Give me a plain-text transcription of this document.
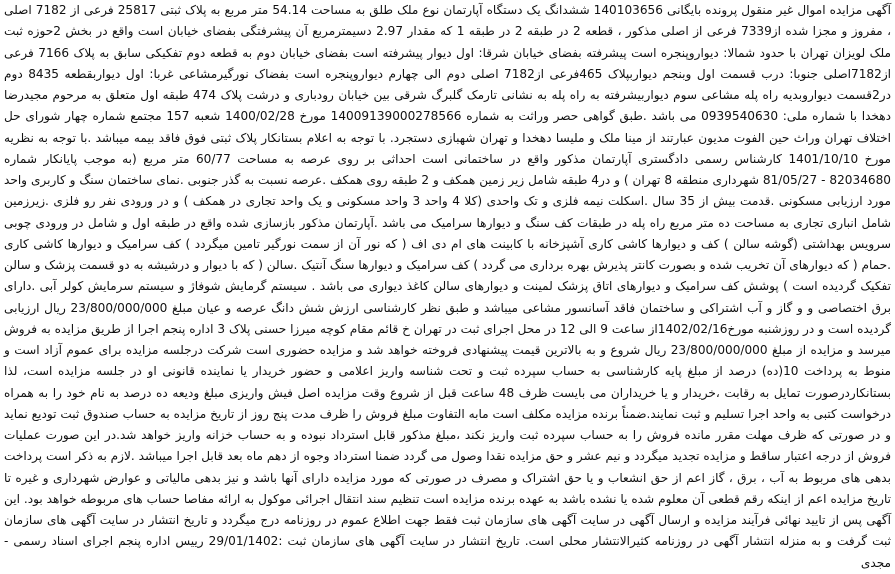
آگهی مزایده اموال غیر منقول پرونده بایگانی 140103656 ششدانگ یک دستگاه آپارتمان نوع ملک طلق به مساحت 54.14 متر مربع به پلاک ثبتی 25817 فرعی از 7182 اصلی ، مفروز و مجزا شده از7339 فرعی از اصلی مذکور ، قطعه 2 در طبقه 2 در طبقه 1 که مقدار 2.97 دسیمترمربع آن پیشرفتگی بفضای خیابان است واقع در بخش 2حوزه ثبت ملک لویزان تهران با حدود شمالا: دیواروپنجره است پیشرفته بفضای خیابان شرقا: اول دیوار پیشرفته است بفضای خیابان دوم به قطعه دوم تفکیکی سابق به پلاک 7166 فرعی از7182اصلی جنوبا: درب قسمت اول وبنجم دیواربپلاک 465فرعی از7182 اصلی دوم الی چهارم دیواروپنجره است بفضاک نورگیرمشاعی غربا: اول دیواربقطعه 8435 دوم در2قسمت دیواروبدیه راه پله مشاعی سوم دیواربیشرفته به راه پله به نشانی تارمک گلبرگ شرقی بین خیابان رودباری و درشت پلاک 474 طبقه اول متعلق به مرحوم مجیدرضا دهخدا با شماره ملی: 0939540630 می باشد .طبق گواهی حصر وراثت به شماره 14009139000278566 مورخ 1400/02/28 شعبه 157 مجتمع شماره چهار شورای حل اختلاف تهران وراث حین الفوت مدیون عبارتند از مینا ملک و ملیسا دهخدا و تهران شهبازی دستجرد. با توجه به اعلام بستانکار پلاک ثبتی فوق فاقد بیمه میباشد .با توجه به نظریه مورخ 1401/10/10 کارشناس رسمی دادگستری آپارتمان مذکور واقع در ساختمانی است احداثی بر روی عرصه به مساحت 60/77 متر مربع (به موجب پایانکار شماره 82034680 - 81/05/27 شهرداری منطقه 8 تهران ) و در4 طبقه شامل زیر زمین همکف و 2 طبقه روی همکف .عرصه نسبت به گذر جنوبی .نمای ساختمان سنگ و کاربری واحد مورد ارزیابی مسکونی .قدمت بیش از 35 سال .اسکلت نیمه فلزی و تک واحدی (کلا 4 واحد 3 واحد مسکونی و یک واحد تجاری در همکف ) و در ورودی نفر رو فلزی .زیرزمین شامل انباری تجاری به مساحت ده متر مربع راه پله در طبقات کف سنگ و دیوارها سرامیک می باشد .آپارتمان مذکور بازسازی شده واقع در طبقه اول و شامل در ورودی چوبی سرویس بهداشتی (گوشه سالن ) کف و دیوارها کاشی کاری آشپزخانه با کابینت های ام دی اف ( که نور آن از سمت نورگیر تامین میگردد ) کف سرامیک و دیوارها کاشی کاری .حمام ( که دیوارهای آن تخریب شده و بصورت کانتر پذیرش بهره برداری می گردد ) کف سرامیک و دیوارها سنگ آنتیک .سالن ( که با دیوار و درشیشه به دو قسمت پزشک و سالن تفکیک گردیده است ) پوشش کف سرامیک و دیوارهای اتاق پزشک لمینت و دیوارهای سالن کاغذ دیواری می باشد . سیستم گرمایش شوفاژ و سیستم سرمایش کولر آبی .دارای برق اختصاصی و و گاز و آب اشتراکی و ساختمان فاقد آسانسور مشاعی میباشد و طبق نظر کارشناسی ارزش شش دانگ عرصه و عیان مبلغ 23/800/000/000 ریال ارزیابی گردیده است و در روزشنبه مورخ1402/02/16از ساعت 9 الی 12 در محل اجرای ثبت در تهران خ قائم مقام کوچه میرزا حسنی پلاک 3 اداره پنجم اجرا از طریق مزایده به فروش میرسد و مزایده از مبلغ 23/800/000/000 ریال شروع و به بالاترین قیمت پیشنهادی فروخته خواهد شد و مزایده حضوری است شرکت درجلسه مزایده برای عموم آزاد است و منوط به پرداخت 10(ده) درصد از مبلغ پایه کارشناسی به حساب سپرده ثبت و تحت شناسه واریز اعلامی و حضور خریدار یا نماینده قانونی او در جلسه مزایده است، لذا بستانکاردرصورت تمایل به رقابت ،خریدار و یا خریداران می بایست ظرف 48 ساعت قبل از شروع وقت مزایده اصل فیش واریزی مبلغ ودیعه ده درصد به نام خود را به همراه درخواست کتبی به واحد اجرا تسلیم و ثبت نمایند.ضمناً برنده مزایده مکلف است مابه التفاوت مبلغ فروش را ظرف مدت پنج روز از تاریخ مزایده به حساب صندوق ثبت تودیع نماید و در صورتی که ظرف مهلت مقرر مانده فروش را به حساب سپرده ثبت واریز نکند ،مبلغ مذکور قابل استرداد نبوده و به حساب خزانه واریز خواهد شد.در این صورت عملیات فروش از درجه اعتبار ساقط و مزایده تجدید میگردد و نیم عشر و حق مزایده نقدا وصول می گردد ضمنا استرداد وجوه از دهم ماه بعد قابل اجرا میباشد .لازم به ذکر است پرداخت بدهی های مربوط به آب ، برق ، گاز اعم از حق انشعاب و یا حق اشتراک و مصرف در صورتی که مورد مزایده دارای آنها باشد و نیز بدهی مالیاتی و عوارض شهرداری و غیره تا تاریخ مزایده اعم از اینکه رقم قطعی آن معلوم شده یا نشده باشد به عهده برنده مزایده است تنظیم سند انتقال اجرائی موکول به ارائه مفاصا حساب های مربوطه خواهد بود. این آگهی پس از تایید نهائی فرآیند مزایده و ارسال آگهی در سایت آگهی های سازمان ثبت فقط جهت اطلاع عموم در روزنامه درج میگردد و تاریخ انتشار در سایت آگهی های سازمان ثبت گرفت و به منزله انتشار آگهی در روزنامه کثیرالانتشار محلی است. تاریخ انتشار در سایت آگهی های سازمان ثبت :29/01/1402 رییس اداره پنجم اجرای اسناد رسمی - مجدی
